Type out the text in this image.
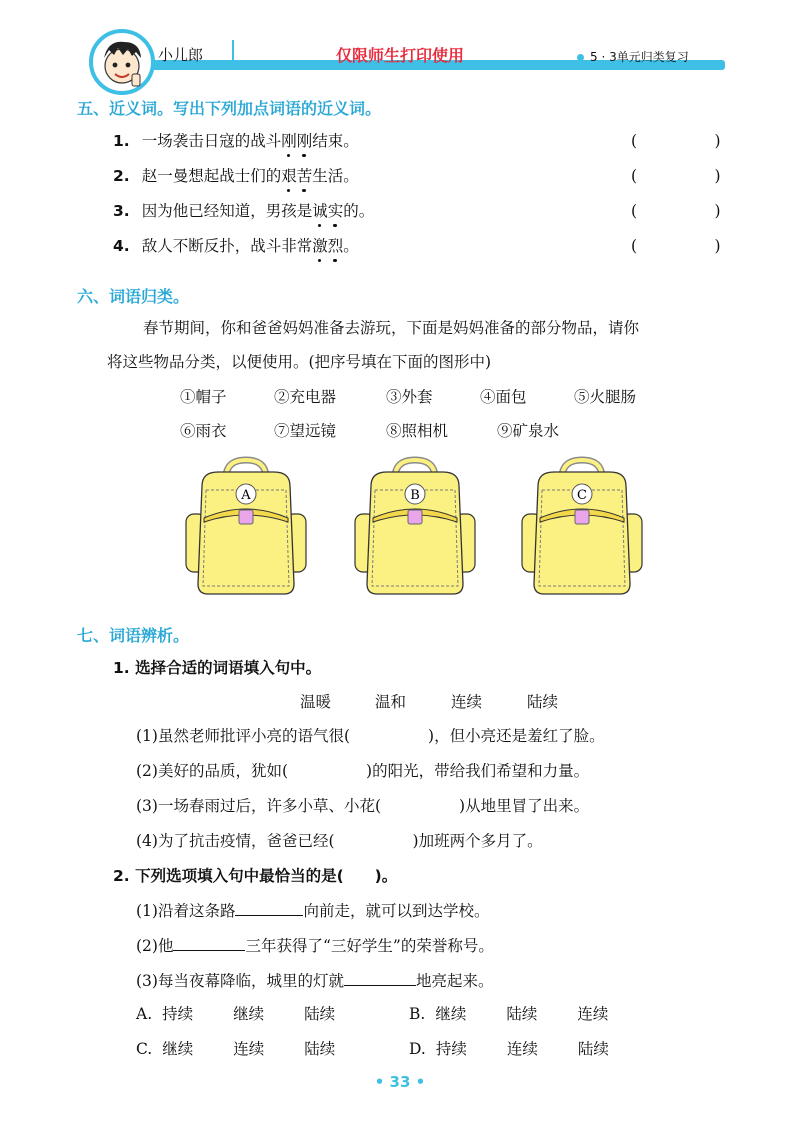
小儿郎	仅限师生打印使用	5 · 3单元归类复习
五、近义词。写出下列加点词语的近义词。
1. 一场袭击日寇的战斗刚刚结束。	(　　　　　)
2. 赵一曼想起战士们的艰苦生活。	(　　　　　)
3. 因为他已经知道，男孩是诚实的。	(　　　　　)
4. 敌人不断反扑，战斗非常激烈。	(　　　　　)
六、词语归类。
春节期间，你和爸爸妈妈准备去游玩，下面是妈妈准备的部分物品，请你
将这些物品分类，以便使用。(把序号填在下面的图形中)
①帽子	②充电器	③外套	④面包	⑤火腿肠
⑥雨衣	⑦望远镜	⑧照相机	⑨矿泉水
A	B	C
七、词语辨析。
1. 选择合适的词语填入句中。
温暖	温和	连续	陆续
(1)虽然老师批评小亮的语气很(	)，但小亮还是羞红了脸。
(2)美好的品质，犹如(	)的阳光，带给我们希望和力量。
(3)一场春雨过后，许多小草、小花(	)从地里冒了出来。
(4)为了抗击疫情，爸爸已经(	)加班两个多月了。
2. 下列选项填入句中最恰当的是(　　)。
(1)沿着这条路	向前走，就可以到达学校。
(2)他	三年获得了“三好学生”的荣誉称号。
(3)每当夜幕降临，城里的灯就	地亮起来。
A. 持续	继续	陆续	B. 继续	陆续	连续
C. 继续	连续	陆续	D. 持续	连续	陆续
• 33 •
